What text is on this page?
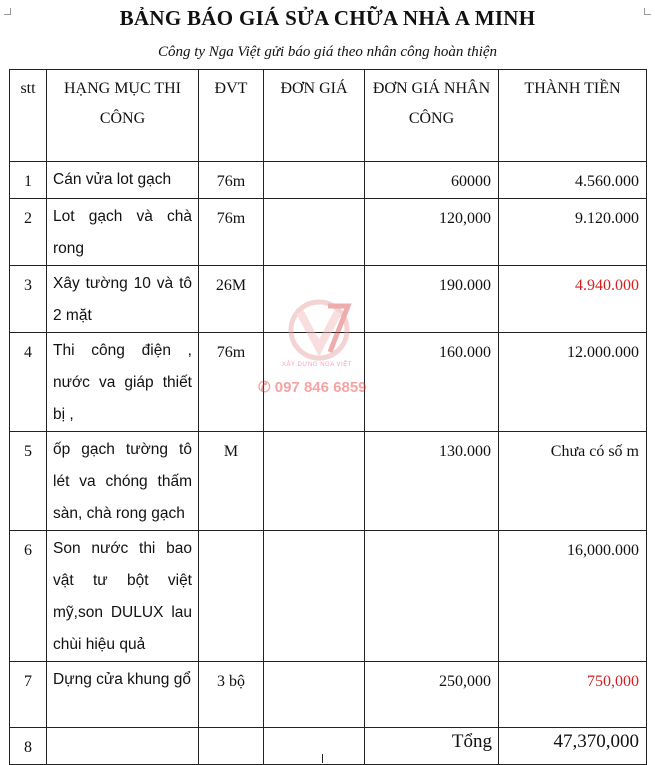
BẢNG BÁO GIÁ SỬA CHỮA NHÀ A MINH
Công ty Nga Việt gửi báo giá theo nhân công hoàn thiện
stt	HẠNG MỤC THI CÔNG	ĐVT	ĐƠN GIÁ	ĐƠN GIÁ NHÂN CÔNG	THÀNH TIỀN
1	Cán vửa lot gạch	76m		60000	4.560.000
2	Lot gạch và chà rong	76m		120,000	9.120.000
3	Xây tường 10 và tô 2 mặt	26M		190.000	4.940.000
4	Thi công điện , nước va giáp thiết bị ,	76m		160.000	12.000.000
5	ốp gạch tường tô lét va chóng thấm sàn, chà rong gạch	M		130.000	Chưa có số m
6	Son nước thi bao vật tư bột việt mỹ,son DULUX lau chùi hiệu quả				16,000.000
7	Dựng cửa khung gổ	3 bộ		250,000	750,000
8				Tổng	47,370,000
XÂY DỰNG NGA VIỆT
✆ 097 846 6859
